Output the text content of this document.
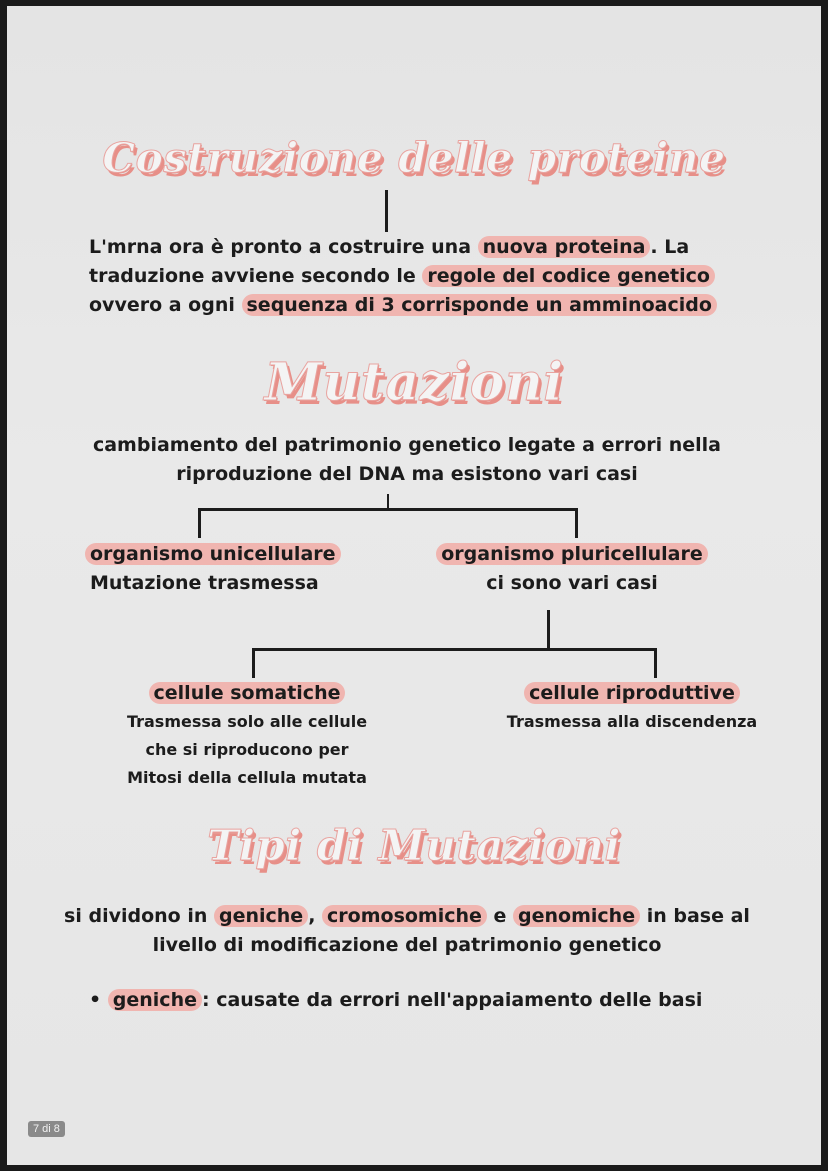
Costruzione delle proteine
L'mrna ora è pronto a costruire una nuova proteina . La
traduzione avviene secondo le regole del codice genetico
ovvero a ogni sequenza di 3 corrisponde un amminoacido
Mutazioni
cambiamento del patrimonio genetico legate a errori nella
riproduzione del DNA ma esistono vari casi
organismo unicellulare
Mutazione trasmessa
organismo pluricellulare
ci sono vari casi
cellule somatiche
Trasmessa solo alle cellule
che si riproducono per
Mitosi della cellula mutata
cellule riproduttive
Trasmessa alla discendenza
Tipi di Mutazioni
si dividono in geniche , cromosomiche e genomiche in base al
livello di modificazione del patrimonio genetico
• geniche : causate da errori nell'appaiamento delle basi
7 di 8
